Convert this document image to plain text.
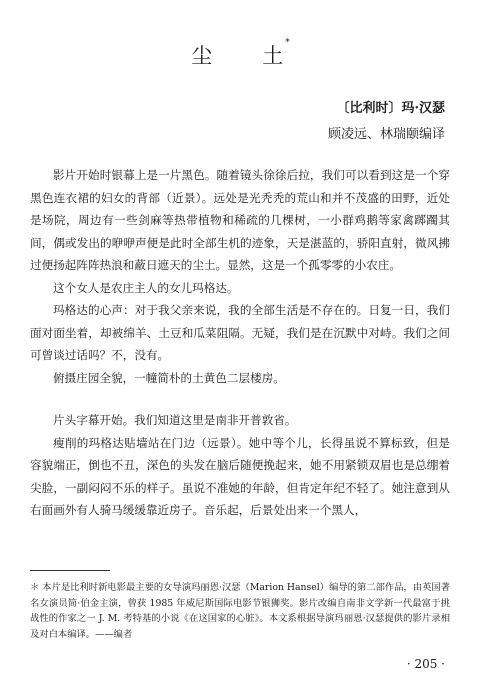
尘 土*
〔比利时〕玛·汉瑟
顾凌远、林瑞颐编译

影片开始时银幕上是一片黑色。随着镜头徐徐后拉，我们可以看到这是一个穿黑色连衣裙的妇女的背部（近景）。远处是光秃秃的荒山和并不茂盛的田野，近处是场院，周边有一些剑麻等热带植物和稀疏的几棵树，一小群鸡鹅等家禽踯躅其间，偶或发出的咿咿声便是此时全部生机的迹象，天是湛蓝的，骄阳直射，微风拂过便扬起阵阵热浪和蔽日遮天的尘土。显然，这是一个孤零零的小农庄。

这个女人是农庄主人的女儿玛格达。

玛格达的心声：对于我父亲来说，我的全部生活是不存在的。日复一日，我们面对面坐着，却被绵羊、土豆和瓜菜阻隔。无疑，我们是在沉默中对峙。我们之间可曾谈过话吗？不，没有。

俯摄庄园全貌，一幢简朴的土黄色二层楼房。

片头字幕开始。我们知道这里是南非开普敦省。

瘦削的玛格达贴墙站在门边（远景）。她中等个儿，长得虽说不算标致，但是容貌端正，倒也不丑，深色的头发在脑后随便挽起来，她不用紧锁双眉也是总绷着尖脸，一副闷闷不乐的样子。虽说不准她的年龄，但肯定年纪不轻了。她注意到从右面画外有人骑马缓缓靠近房子。音乐起，后景处出来一个黑人，

＊ 本片是比利时新电影最主要的女导演玛丽恩·汉瑟（Marion Hansel）编导的第二部作品，由英国著名女演员简·伯金主演，曾获 1985 年威尼斯国际电影节银狮奖。影片改编自南非文学新一代最富于挑战性的作家之一 J. M. 考特基的小说《在这国家的心脏》。本文系根据导演玛丽恩·汉瑟提供的影片录相及对白本编译。——编者
· 205 ·
